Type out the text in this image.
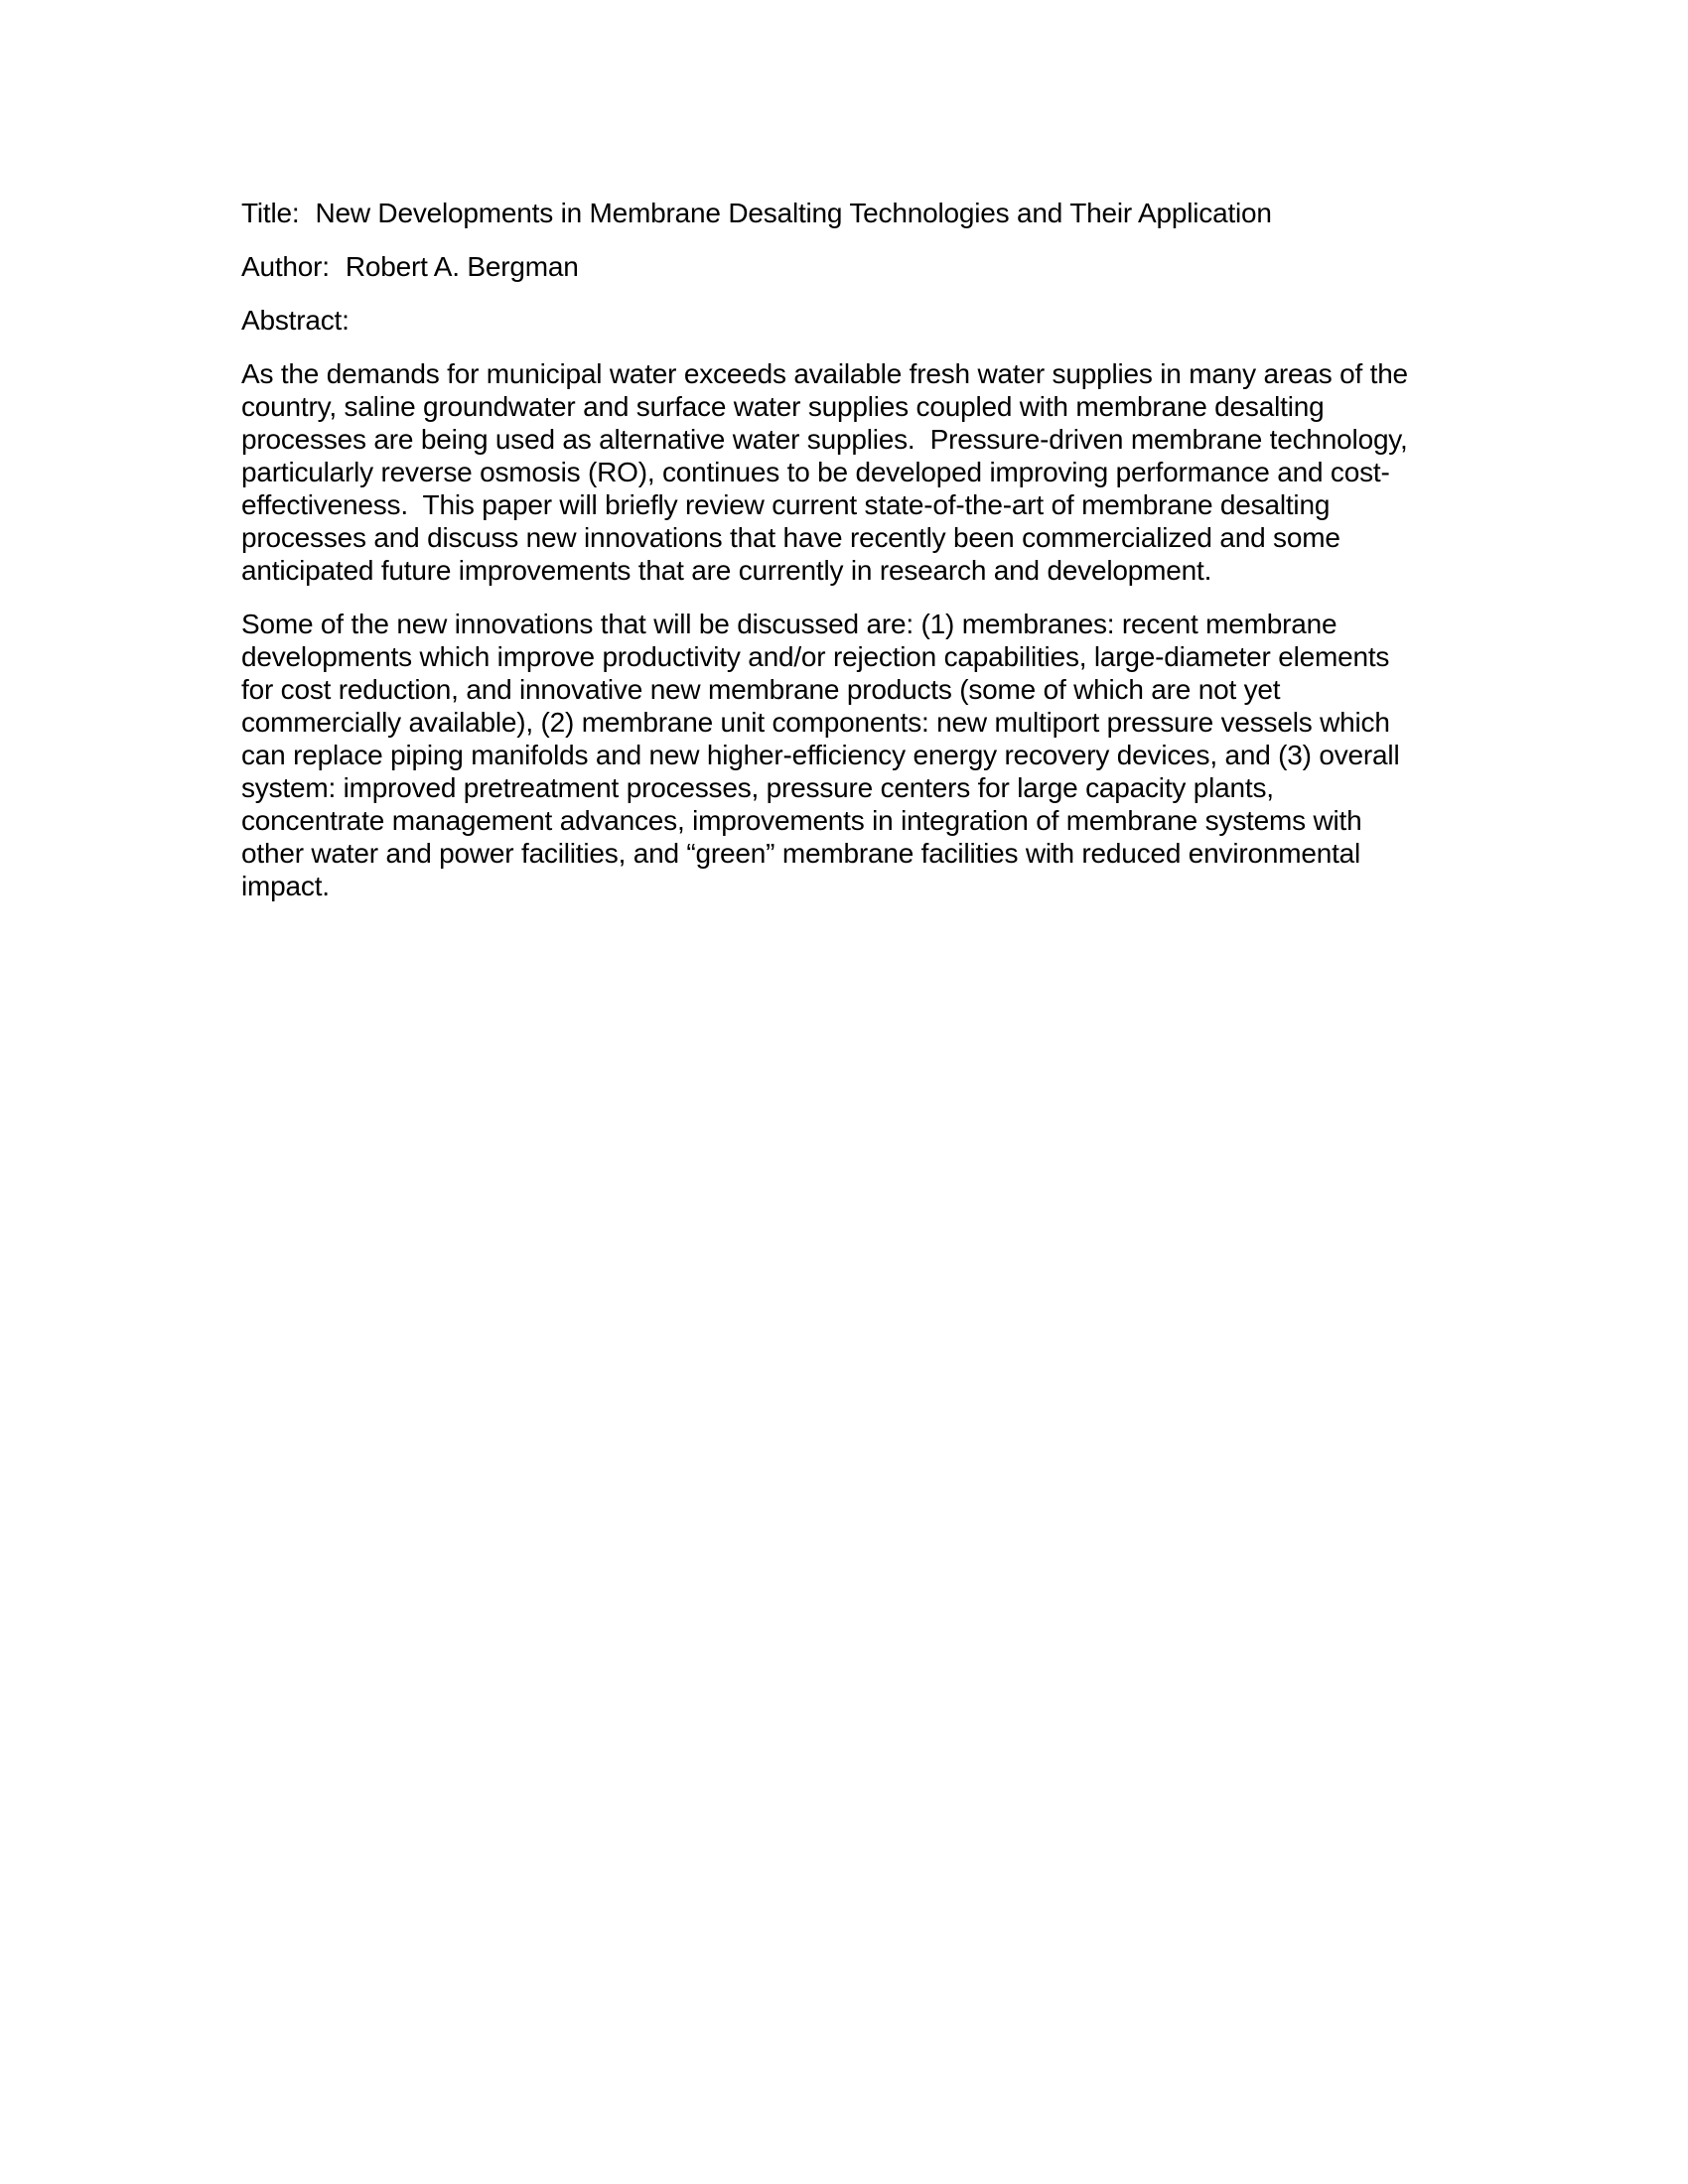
Title: New Developments in Membrane Desalting Technologies and Their Application
Author: Robert A. Bergman
Abstract:
As the demands for municipal water exceeds available fresh water supplies in many areas of the
country, saline groundwater and surface water supplies coupled with membrane desalting
processes are being used as alternative water supplies.  Pressure-driven membrane technology,
particularly reverse osmosis (RO), continues to be developed improving performance and cost-
effectiveness.  This paper will briefly review current state-of-the-art of membrane desalting
processes and discuss new innovations that have recently been commercialized and some
anticipated future improvements that are currently in research and development.
Some of the new innovations that will be discussed are: (1) membranes: recent membrane
developments which improve productivity and/or rejection capabilities, large-diameter elements
for cost reduction, and innovative new membrane products (some of which are not yet
commercially available), (2) membrane unit components: new multiport pressure vessels which
can replace piping manifolds and new higher-efficiency energy recovery devices, and (3) overall
system: improved pretreatment processes, pressure centers for large capacity plants,
concentrate management advances, improvements in integration of membrane systems with
other water and power facilities, and “green” membrane facilities with reduced environmental
impact.
